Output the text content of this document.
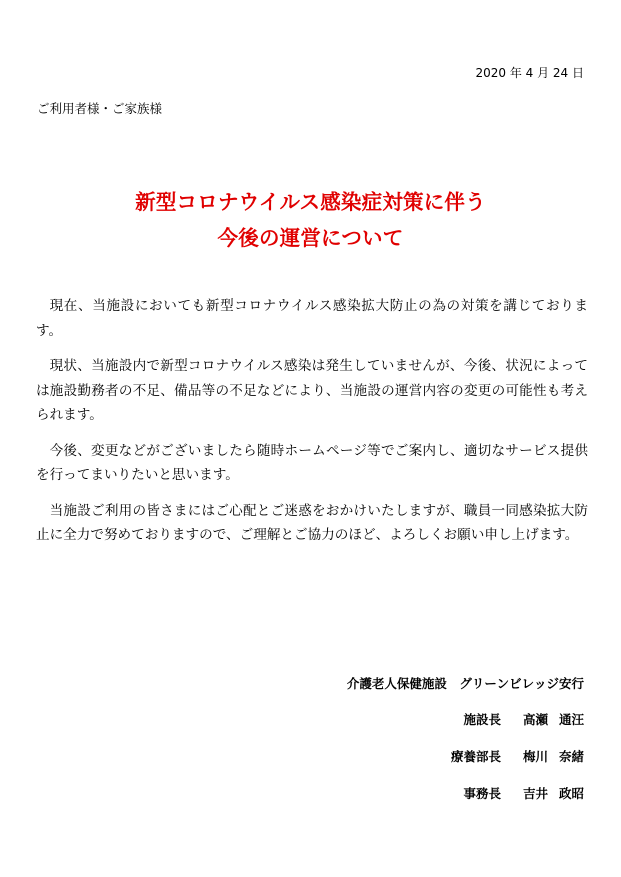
2020 年 4 月 24 日
ご利用者様・ご家族様
新型コロナウイルス感染症対策に伴う
今後の運営について

現在、当施設においても新型コロナウイルス感染拡大防止の為の対策を講じております。

現状、当施設内で新型コロナウイルス感染は発生していませんが、今後、状況によっては施設勤務者の不足、備品等の不足などにより、当施設の運営内容の変更の可能性も考えられます。

今後、変更などがございましたら随時ホームページ等でご案内し、適切なサービス提供を行ってまいりたいと思います。

当施設ご利用の皆さまにはご心配とご迷惑をおかけいたしますが、職員一同感染拡大防止に全力で努めておりますので、ご理解とご協力のほど、よろしくお願い申し上げます。

介護老人保健施設　グリーンビレッジ安行
施設長 高瀬 通汪
療養部長 梅川 奈緒
事務長 吉井 政昭
